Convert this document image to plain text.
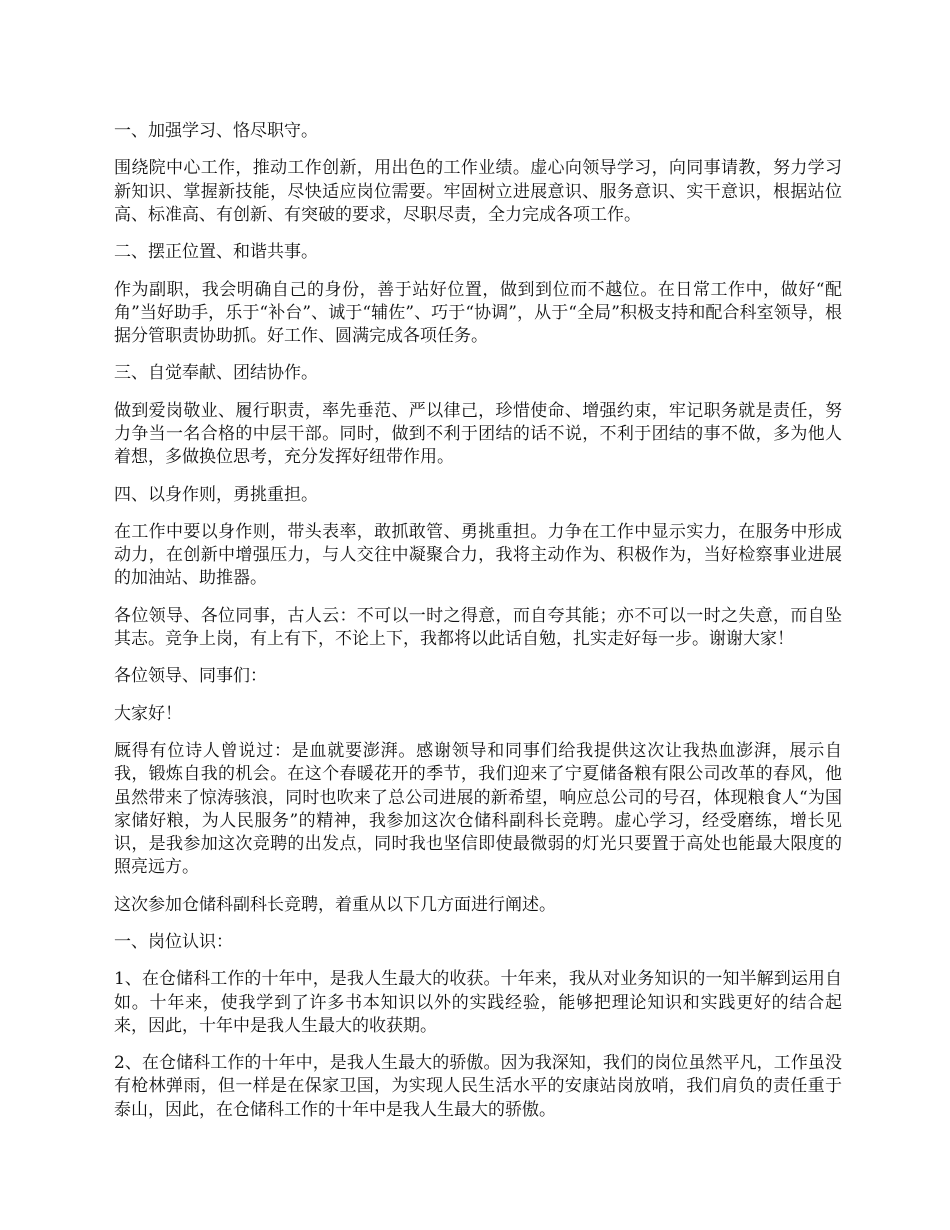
一、加强学习、恪尽职守。

围绕院中心工作，推动工作创新，用出色的工作业绩。虚心向领导学习，向同事请教，努力学习新知识、掌握新技能，尽快适应岗位需要。牢固树立进展意识、服务意识、实干意识，根据站位高、标准高、有创新、有突破的要求，尽职尽责，全力完成各项工作。

二、摆正位置、和谐共事。

作为副职，我会明确自己的身份，善于站好位置，做到到位而不越位。在日常工作中，做好“配角”当好助手，乐于“补台”、诚于“辅佐”、巧于“协调”，从于“全局”积极支持和配合科室领导，根据分管职责协助抓。好工作、圆满完成各项任务。

三、自觉奉献、团结协作。

做到爱岗敬业、履行职责，率先垂范、严以律己，珍惜使命、增强约束，牢记职务就是责任，努力争当一名合格的中层干部。同时，做到不利于团结的话不说，不利于团结的事不做，多为他人着想，多做换位思考，充分发挥好纽带作用。

四、以身作则，勇挑重担。

在工作中要以身作则，带头表率，敢抓敢管、勇挑重担。力争在工作中显示实力，在服务中形成动力，在创新中增强压力，与人交往中凝聚合力，我将主动作为、积极作为，当好检察事业进展的加油站、助推器。

各位领导、各位同事，古人云：不可以一时之得意，而自夸其能；亦不可以一时之失意，而自坠其志。竞争上岗，有上有下，不论上下，我都将以此话自勉，扎实走好每一步。谢谢大家！

各位领导、同事们：

大家好！

厩得有位诗人曾说过：是血就要澎湃。感谢领导和同事们给我提供这次让我热血澎湃，展示自我，锻炼自我的机会。在这个春暖花开的季节，我们迎来了宁夏储备粮有限公司改革的春风，他虽然带来了惊涛骇浪，同时也吹来了总公司进展的新希望，响应总公司的号召，体现粮食人“为国家储好粮，为人民服务”的精神，我参加这次仓储科副科长竞聘。虚心学习，经受磨练，增长见识，是我参加这次竞聘的出发点，同时我也坚信即使最微弱的灯光只要置于高处也能最大限度的照亮远方。

这次参加仓储科副科长竞聘，着重从以下几方面进行阐述。

一、岗位认识：

1、在仓储科工作的十年中，是我人生最大的收获。十年来，我从对业务知识的一知半解到运用自如。十年来，使我学到了许多书本知识以外的实践经验，能够把理论知识和实践更好的结合起来，因此，十年中是我人生最大的收获期。

2、在仓储科工作的十年中，是我人生最大的骄傲。因为我深知，我们的岗位虽然平凡，工作虽没有枪林弹雨，但一样是在保家卫国，为实现人民生活水平的安康站岗放哨，我们肩负的责任重于泰山，因此，在仓储科工作的十年中是我人生最大的骄傲。
